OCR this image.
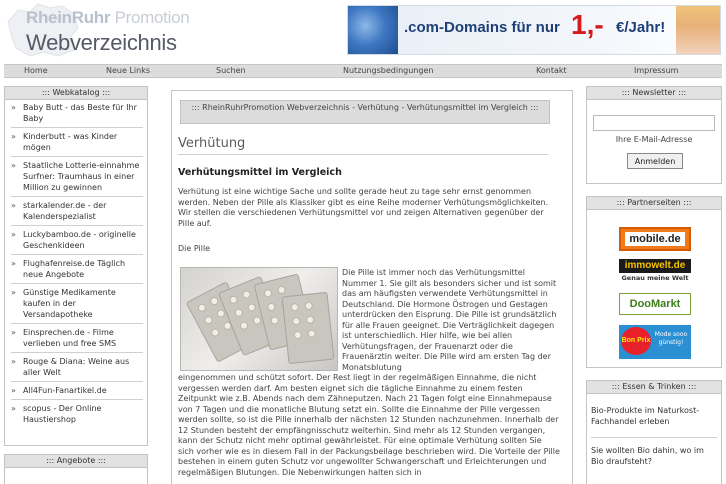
RheinRuhr Promotion
Webverzeichnis
.com-Domains für nur 1,- €/Jahr!
Home	Neue Links	Suchen	Nutzungsbedingungen	Kontakt	Impressum
::: Webkatalog :::
» Baby Butt - das Beste für Ihr Baby
» Kinderbutt - was Kinder mögen
» Staatliche Lotterie-einnahme Surfner: Traumhaus in einer Million zu gewinnen
» starkalender.de - der Kalenderspezialist
» Luckybamboo.de - originelle Geschenkideen
» Flughafenreise.de Täglich neue Angebote
» Günstige Medikamente kaufen in der Versandapotheke
» Einsprechen.de - Filme verlieben und free SMS
» Rouge & Diana: Weine aus aller Welt
» All4Fun-Fanartikel.de
» scopus - Der Online Haustiershop
::: Angebote :::
::: RheinRuhrPromotion Webverzeichnis - Verhütung - Verhütungsmittel im Vergleich :::
Verhütung
Verhütungsmittel im Vergleich
Verhütung ist eine wichtige Sache und sollte gerade heut zu tage sehr ernst genommen werden. Neben der Pille als Klassiker gibt es eine Reihe moderner Verhütungsmöglichkeiten. Wir stellen die verschiedenen Verhütungsmittel vor und zeigen Alternativen gegenüber der Pille auf.
Die Pille
Die Pille ist immer noch das Verhütungsmittel Nummer 1. Sie gilt als besonders sicher und ist somit das am häufigsten verwendete Verhütungsmittel in Deutschland. Die Hormone Östrogen und Gestagen unterdrücken den Eisprung. Die Pille ist grundsätzlich für alle Frauen geeignet. Die Verträglichkeit dagegen ist unterschiedlich. Hier hilfe, wie bei allen Verhütungsfragen, der Frauenarzt oder die Frauenärztin weiter. Die Pille wird am ersten Tag der Monatsblutung
eingenommen und schützt sofort. Der Rest liegt in der regelmäßigen Einnahme, die nicht vergessen werden darf. Am besten eignet sich die tägliche Einnahme zu einem festen Zeitpunkt wie z.B. Abends nach dem Zähneputzen. Nach 21 Tagen folgt eine Einnahmepause von 7 Tagen und die monatliche Blutung setzt ein. Sollte die Einnahme der Pille vergessen werden sollte, so ist die Pille innerhalb der nächsten 12 Stunden nachzunehmen. Innerhalb der 12 Stunden besteht der empfängnisschutz weiterhin. Sind mehr als 12 Stunden vergangen, kann der Schutz nicht mehr optimal gewährleistet. Für eine optimale Verhütung sollten Sie sich vorher wie es in diesem Fall in der Packungsbeilage beschrieben wird. Die Vorteile der Pille bestehen in einem guten Schutz vor ungewollter Schwangerschaft und Erleichterungen und regelmäßigen Blutungen. Die Nebenwirkungen halten sich in
::: Newsletter :::
Ihre E-Mail-Adresse
Anmelden
::: Partnerseiten :::
mobile.de
immowelt.de
Genau meine Welt
DooMarkt
Bon Prix
Mode sooo günstig!
::: Essen & Trinken :::
Bio-Produkte im Naturkost-Fachhandel erleben
Sie wollten Bio dahin, wo im Bio draufsteht?
